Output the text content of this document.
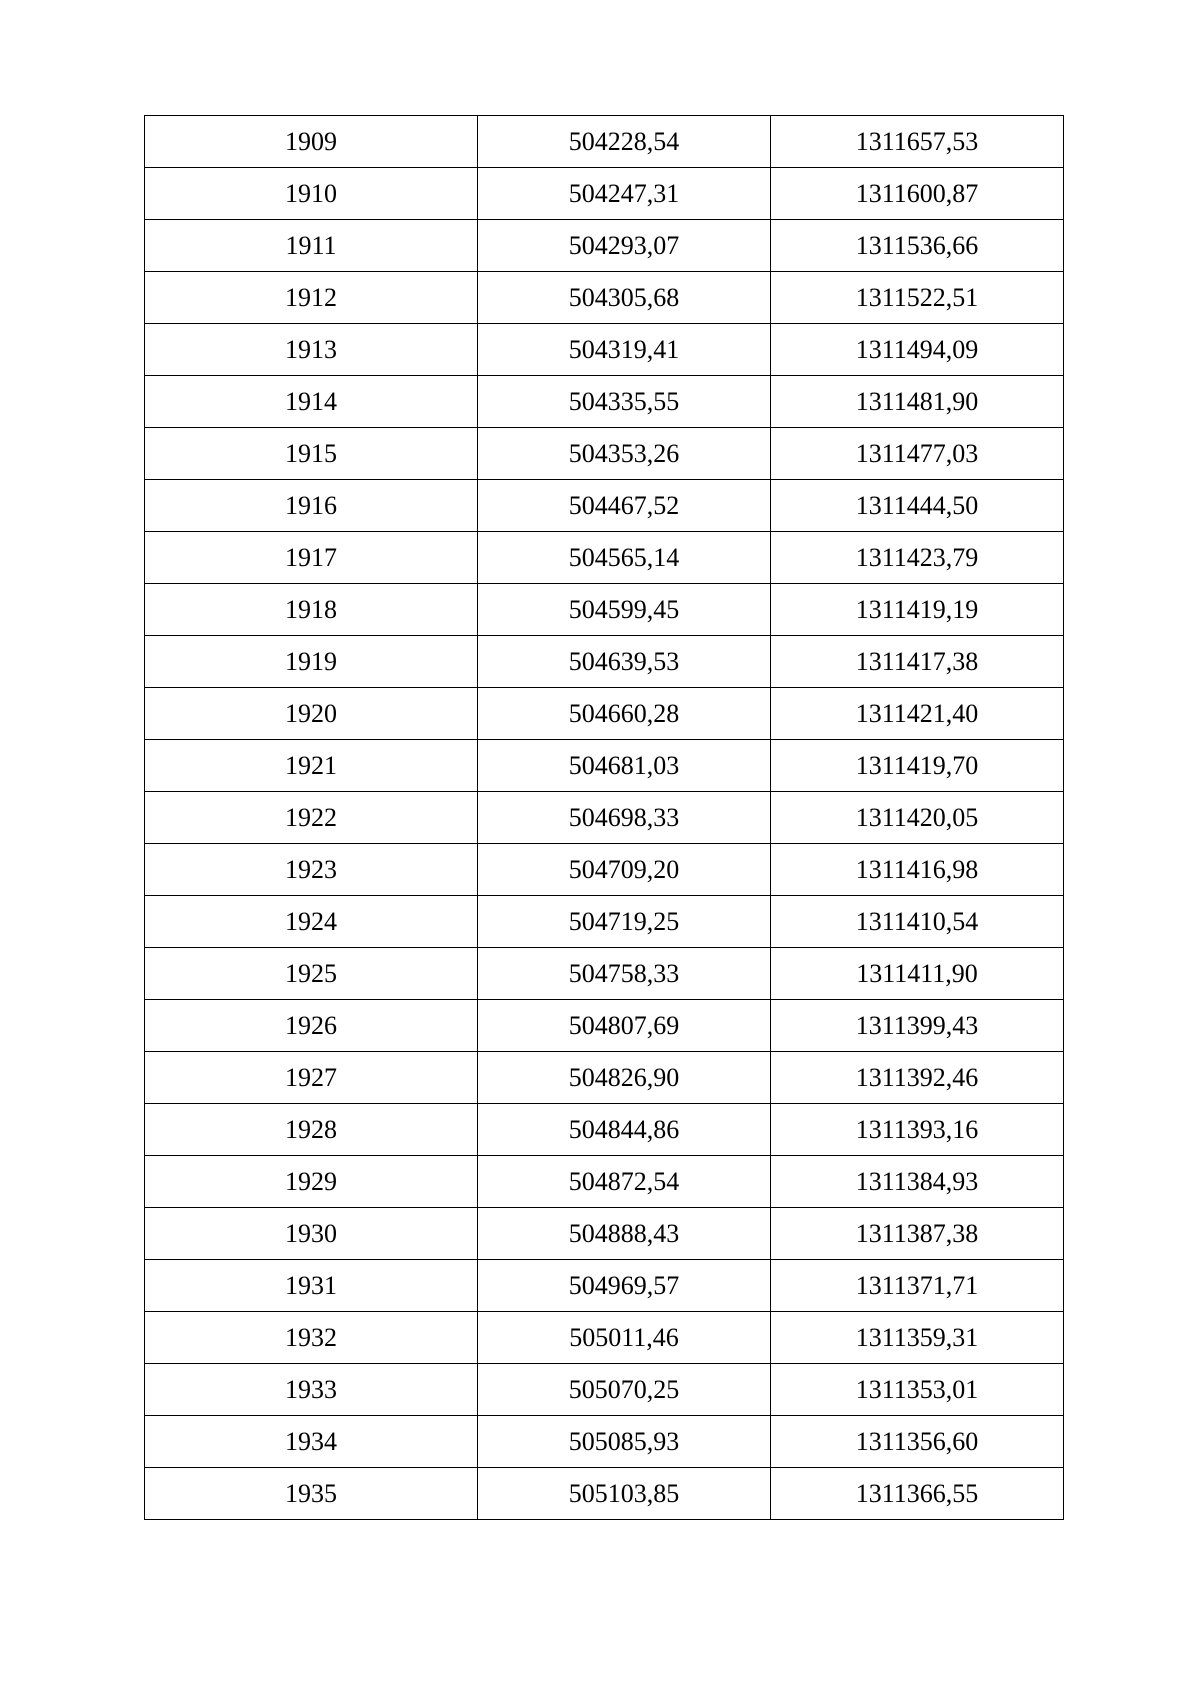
1909	504228,54	1311657,53
1910	504247,31	1311600,87
1911	504293,07	1311536,66
1912	504305,68	1311522,51
1913	504319,41	1311494,09
1914	504335,55	1311481,90
1915	504353,26	1311477,03
1916	504467,52	1311444,50
1917	504565,14	1311423,79
1918	504599,45	1311419,19
1919	504639,53	1311417,38
1920	504660,28	1311421,40
1921	504681,03	1311419,70
1922	504698,33	1311420,05
1923	504709,20	1311416,98
1924	504719,25	1311410,54
1925	504758,33	1311411,90
1926	504807,69	1311399,43
1927	504826,90	1311392,46
1928	504844,86	1311393,16
1929	504872,54	1311384,93
1930	504888,43	1311387,38
1931	504969,57	1311371,71
1932	505011,46	1311359,31
1933	505070,25	1311353,01
1934	505085,93	1311356,60
1935	505103,85	1311366,55
